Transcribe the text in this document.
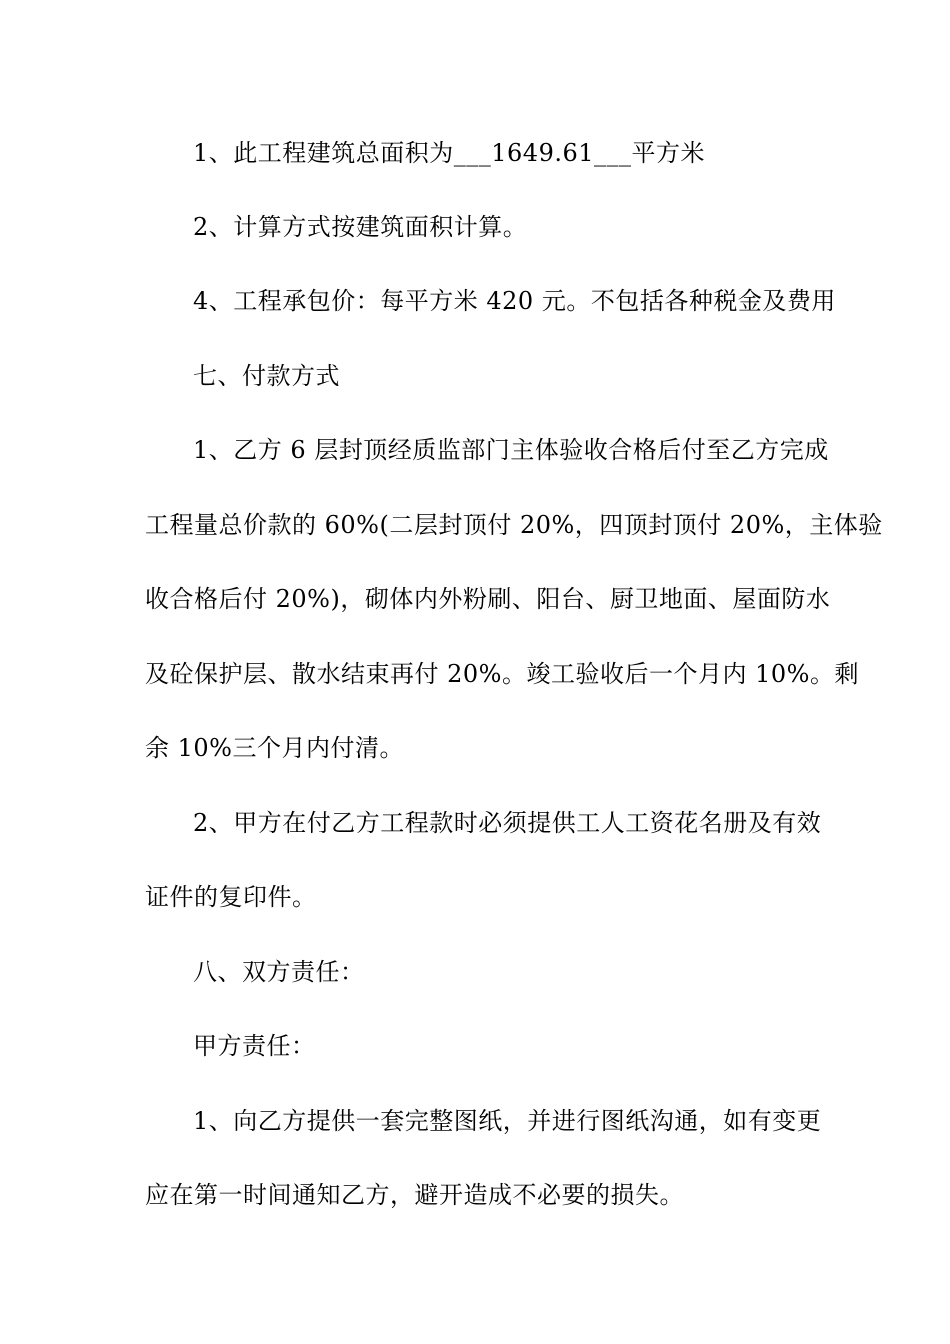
1、此工程建筑总面积为___1649.61___平方米
2、计算方式按建筑面积计算。
4、工程承包价：每平方米 420 元。不包括各种税金及费用
七、付款方式
1、乙方 6 层封顶经质监部门主体验收合格后付至乙方完成
工程量总价款的 60%(二层封顶付 20%，四顶封顶付 20%，主体验
收合格后付 20%)，砌体内外粉刷、阳台、厨卫地面、屋面防水
及砼保护层、散水结束再付 20%。竣工验收后一个月内 10%。剩
余 10%三个月内付清。
2、甲方在付乙方工程款时必须提供工人工资花名册及有效
证件的复印件。
八、双方责任：
甲方责任：
1、向乙方提供一套完整图纸，并进行图纸沟通，如有变更
应在第一时间通知乙方，避开造成不必要的损失。
